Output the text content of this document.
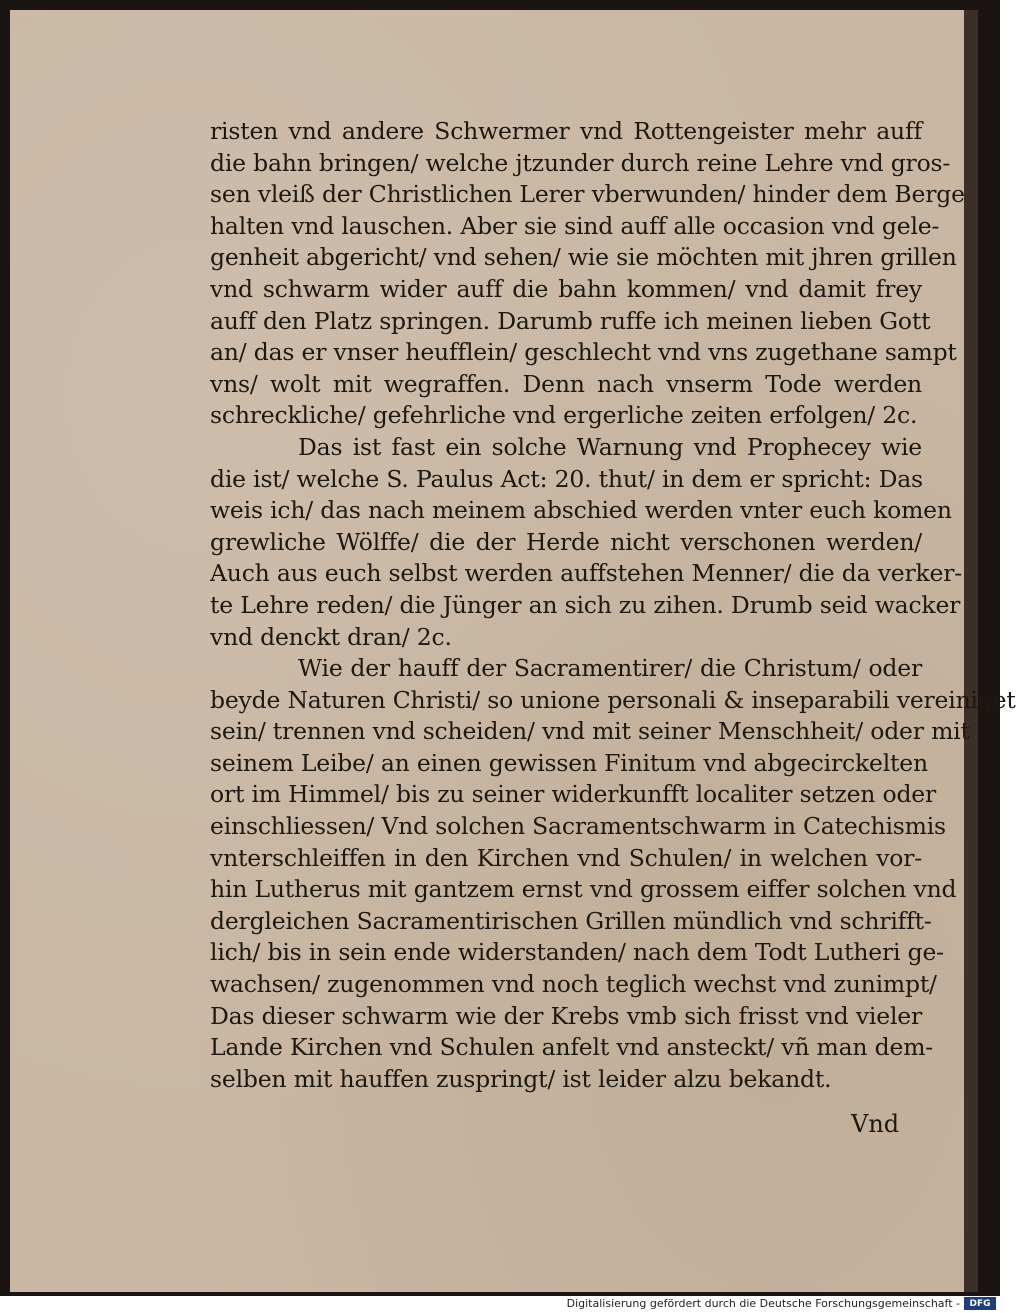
risten vnd andere Schwermer vnd Rottengeister mehr auff
die bahn bringen/ welche jtzunder durch reine Lehre vnd gros-
sen vleiß der Christlichen Lerer vberwunden/ hinder dem Berge
halten vnd lauschen. Aber sie sind auff alle occasion vnd gele-
genheit abgericht/ vnd sehen/ wie sie möchten mit jhren grillen
vnd schwarm wider auff die bahn kommen/ vnd damit frey
auff den Platz springen. Darumb ruffe ich meinen lieben Gott
an/ das er vnser heufflein/ geschlecht vnd vns zugethane sampt
vns/ wolt mit wegraffen. Denn nach vnserm Tode werden
schreckliche/ gefehrliche vnd ergerliche zeiten erfolgen/ 2c.
Das ist fast ein solche Warnung vnd Prophecey wie
die ist/ welche S. Paulus Act: 20. thut/ in dem er spricht: Das
weis ich/ das nach meinem abschied werden vnter euch komen
grewliche Wölffe/ die der Herde nicht verschonen werden/
Auch aus euch selbst werden auffstehen Menner/ die da verker-
te Lehre reden/ die Jünger an sich zu zihen. Drumb seid wacker
vnd denckt dran/ 2c.
Wie der hauff der Sacramentirer/ die Christum/ oder
beyde Naturen Christi/ so unione personali & inseparabili vereiniget
sein/ trennen vnd scheiden/ vnd mit seiner Menschheit/ oder mit
seinem Leibe/ an einen gewissen Finitum vnd abgecirckelten
ort im Himmel/ bis zu seiner widerkunfft localiter setzen oder
einschliessen/ Vnd solchen Sacramentschwarm in Catechismis
vnterschleiffen in den Kirchen vnd Schulen/ in welchen vor-
hin Lutherus mit gantzem ernst vnd grossem eiffer solchen vnd
dergleichen Sacramentirischen Grillen mündlich vnd schrifft-
lich/ bis in sein ende widerstanden/ nach dem Todt Lutheri ge-
wachsen/ zugenommen vnd noch teglich wechst vnd zunimpt/
Das dieser schwarm wie der Krebs vmb sich frisst vnd vieler
Lande Kirchen vnd Schulen anfelt vnd ansteckt/ vñ man dem-
selben mit hauffen zuspringt/ ist leider alzu bekandt.
Vnd
Digitalisierung gefördert durch die Deutsche Forschungsgemeinschaft -	DFG
